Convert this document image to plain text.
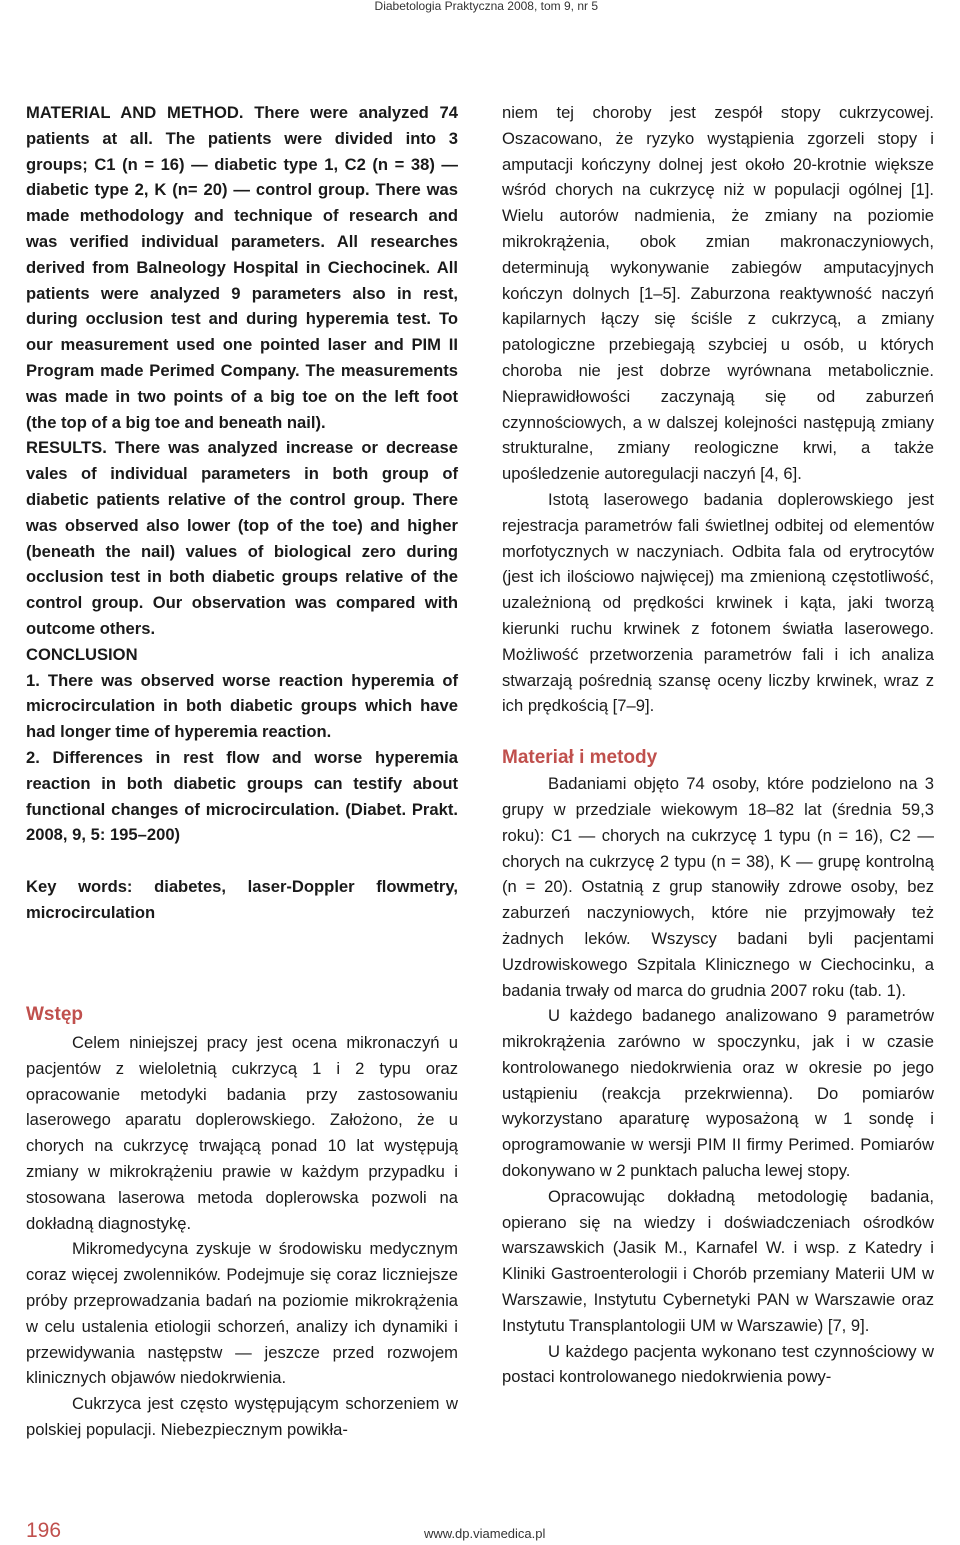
Diabetologia Praktyczna 2008, tom 9, nr 5

MATERIAL AND METHOD. There were analyzed 74 patients at all. The patients were divided into 3 groups; C1 (n = 16) — diabetic type 1, C2 (n = 38) — diabetic type 2, K (n= 20) — control group. There was made methodology and technique of research and was verified individual parameters. All researches derived from Balneology Hospital in Ciechocinek. All patients were analyzed 9 parameters also in rest, during occlusion test and during hyperemia test. To our measurement used one pointed laser and PIM II Program made Perimed Company. The measurements was made in two points of a big toe on the left foot (the top of a big toe and beneath nail).

RESULTS. There was analyzed increase or decrease vales of individual parameters in both group of diabetic patients relative of the control group. There was observed also lower (top of the toe) and higher (beneath the nail) values of biological zero during occlusion test in both diabetic groups relative of the control group. Our observation was compared with outcome others.

CONCLUSION

1. There was observed worse reaction hyperemia of microcirculation in both diabetic groups which have had longer time of hyperemia reaction.

2. Differences in rest flow and worse hyperemia reaction in both diabetic groups can testify about functional changes of microcirculation. (Diabet. Prakt. 2008, 9, 5: 195–200)

Key words: diabetes, laser-Doppler flowmetry, microcirculation

Wstęp

Celem niniejszej pracy jest ocena mikronaczyń u pacjentów z wieloletnią cukrzycą 1 i 2 typu oraz opracowanie metodyki badania przy zastosowaniu laserowego aparatu doplerowskiego. Założono, że u chorych na cukrzycę trwającą ponad 10 lat występują zmiany w mikrokrążeniu prawie w każdym przypadku i stosowana laserowa metoda doplerowska pozwoli na dokładną diagnostykę.

Mikromedycyna zyskuje w środowisku medycznym coraz więcej zwolenników. Podejmuje się coraz liczniejsze próby przeprowadzania badań na poziomie mikrokrążenia w celu ustalenia etiologii schorzeń, analizy ich dynamiki i przewidywania następstw — jeszcze przed rozwojem klinicznych objawów niedokrwienia.

Cukrzyca jest często występującym schorzeniem w polskiej populacji. Niebezpiecznym powikła-

niem tej choroby jest zespół stopy cukrzycowej. Oszacowano, że ryzyko wystąpienia zgorzeli stopy i amputacji kończyny dolnej jest około 20-krotnie większe wśród chorych na cukrzycę niż w populacji ogólnej [1]. Wielu autorów nadmienia, że zmiany na poziomie mikrokrążenia, obok zmian makronaczyniowych, determinują wykonywanie zabiegów amputacyjnych kończyn dolnych [1–5]. Zaburzona reaktywność naczyń kapilarnych łączy się ściśle z cukrzycą, a zmiany patologiczne przebiegają szybciej u osób, u których choroba nie jest dobrze wyrównana metabolicznie. Nieprawidłowości zaczynają się od zaburzeń czynnościowych, a w dalszej kolejności następują zmiany strukturalne, zmiany reologiczne krwi, a także upośledzenie autoregulacji naczyń [4, 6].

Istotą laserowego badania doplerowskiego jest rejestracja parametrów fali świetlnej odbitej od elementów morfotycznych w naczyniach. Odbita fala od erytrocytów (jest ich ilościowo najwięcej) ma zmienioną częstotliwość, uzależnioną od prędkości krwinek i kąta, jaki tworzą kierunki ruchu krwinek z fotonem światła laserowego. Możliwość przetworzenia parametrów fali i ich analiza stwarzają pośrednią szansę oceny liczby krwinek, wraz z ich prędkością [7–9].

Materiał i metody

Badaniami objęto 74 osoby, które podzielono na 3 grupy w przedziale wiekowym 18–82 lat (średnia 59,3 roku): C1 — chorych na cukrzycę 1 typu (n = 16), C2 — chorych na cukrzycę 2 typu (n = 38), K — grupę kontrolną (n = 20). Ostatnią z grup stanowiły zdrowe osoby, bez zaburzeń naczyniowych, które nie przyjmowały też żadnych leków. Wszyscy badani byli pacjentami Uzdrowiskowego Szpitala Klinicznego w Ciechocinku, a badania trwały od marca do grudnia 2007 roku (tab. 1).

U każdego badanego analizowano 9 parametrów mikrokrążenia zarówno w spoczynku, jak i w czasie kontrolowanego niedokrwienia oraz w okresie po jego ustąpieniu (reakcja przekrwienna). Do pomiarów wykorzystano aparaturę wyposażoną w 1 sondę i oprogramowanie w wersji PIM II firmy Perimed. Pomiarów dokonywano w 2 punktach palucha lewej stopy.

Opracowując dokładną metodologię badania, opierano się na wiedzy i doświadczeniach ośrodków warszawskich (Jasik M., Karnafel W. i wsp. z Katedry i Kliniki Gastroenterologii i Chorób przemiany Materii UM w Warszawie, Instytutu Cybernetyki PAN w Warszawie oraz Instytutu Transplantologii UM w Warszawie) [7, 9].

U każdego pacjenta wykonano test czynnościowy w postaci kontrolowanego niedokrwienia powy-

196	www.dp.viamedica.pl
